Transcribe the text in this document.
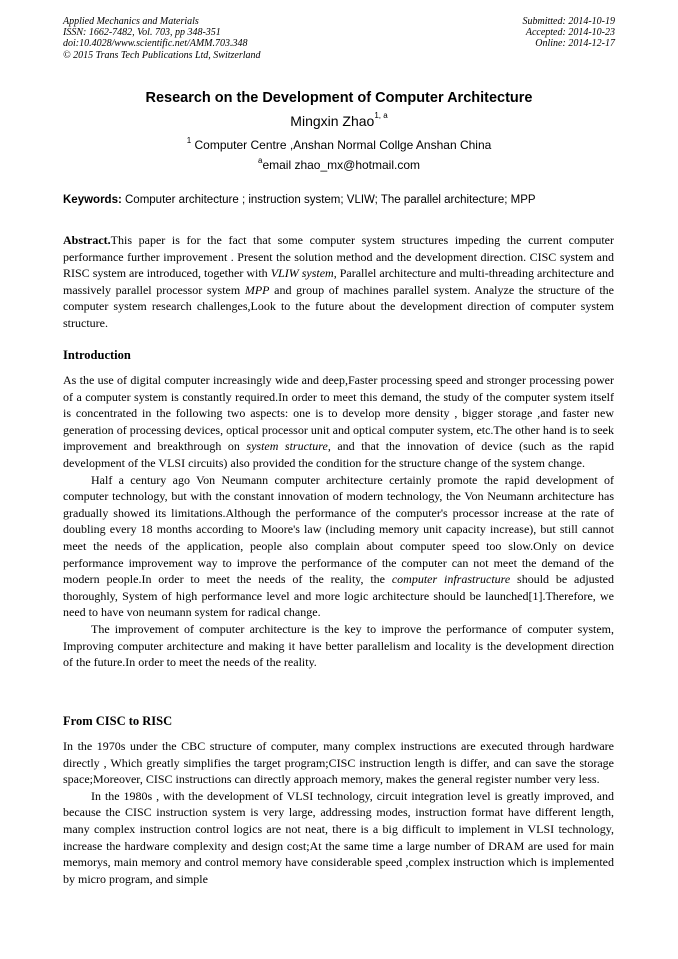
Applied Mechanics and Materials
ISSN: 1662-7482, Vol. 703, pp 348-351
doi:10.4028/www.scientific.net/AMM.703.348
© 2015 Trans Tech Publications Ltd, Switzerland
Submitted: 2014-10-19
Accepted: 2014-10-23
Online: 2014-12-17
Research on the Development of Computer Architecture
Mingxin Zhao$^{1, a}$
$^1$ Computer Centre ,Anshan Normal Collge Anshan China
$^a$email zhao_mx@hotmail.com
Keywords: Computer architecture ; instruction system; VLIW; The parallel architecture; MPP

Abstract.This paper is for the fact that some computer system structures impeding the current computer performance further improvement . Present the solution method and the development direction. CISC system and RISC system are introduced, together with VLIW system, Parallel architecture and multi-threading architecture and massively parallel processor system MPP and group of machines parallel system. Analyze the structure of the computer system research challenges,Look to the future about the development direction of computer system structure.

Introduction

As the use of digital computer increasingly wide and deep,Faster processing speed and stronger processing power of a computer system is constantly required.In order to meet this demand, the study of the computer system itself is concentrated in the following two aspects: one is to develop more density , bigger storage ,and faster new generation of processing devices, optical processor unit and optical computer system, etc.The other hand is to seek improvement and breakthrough on system structure, and that the innovation of device (such as the rapid development of the VLSI circuits) also provided the condition for the structure change of the system change.

Half a century ago Von Neumann computer architecture certainly promote the rapid development of computer technology, but with the constant innovation of modern technology, the Von Neumann architecture has gradually showed its limitations.Although the performance of the computer's processor increase at the rate of doubling every 18 months according to Moore's law (including memory unit capacity increase), but still cannot meet the needs of the application, people also complain about computer speed too slow.Only on device performance improvement way to improve the performance of the computer can not meet the demand of the modern people.In order to meet the needs of the reality, the computer infrastructure should be adjusted thoroughly, System of high performance level and more logic architecture should be launched[1].Therefore, we need to have von neumann system for radical change.

The improvement of computer architecture is the key to improve the performance of computer system, Improving computer architecture and making it have better parallelism and locality is the development direction of the future.In order to meet the needs of the reality.

From CISC to RISC

In the 1970s under the CBC structure of computer, many complex instructions are executed through hardware directly , Which greatly simplifies the target program;CISC instruction length is differ, and can save the storage space;Moreover, CISC instructions can directly approach memory, makes the general register number very less.

In the 1980s , with the development of VLSI technology, circuit integration level is greatly improved, and because the CISC instruction system is very large, addressing modes, instruction format have different length, many complex instruction control logics are not neat, there is a big difficult to implement in VLSI technology, increase the hardware complexity and design cost;At the same time a large number of DRAM are used for main memorys, main memory and control memory have considerable speed ,complex instruction which is implemented by micro program, and simple
